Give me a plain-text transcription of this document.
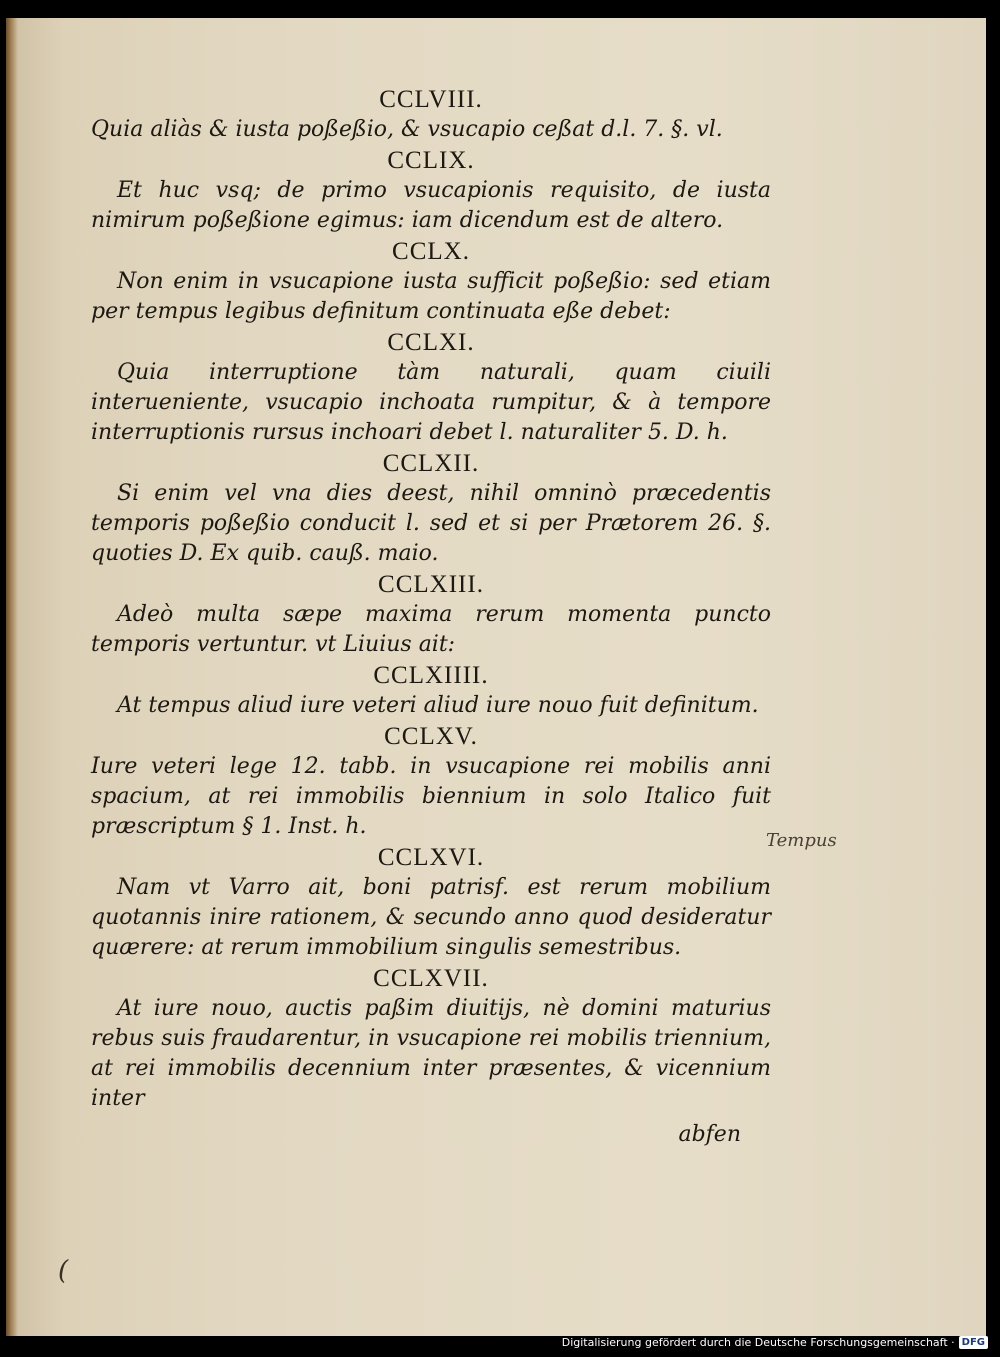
CCLVIII.

Quia aliàs & iusta poßeßio, & vsucapio ceßat d.l. 7. §. vl.

CCLIX.

Et huc vsq; de primo vsucapionis requisito, de iusta nimirum poßeßione egimus: iam dicendum est de altero.

CCLX.

Non enim in vsucapione iusta sufficit poßeßio: sed etiam per tempus legibus definitum continuata eße debet:

CCLXI.

Quia interruptione tàm naturali, quam ciuili interueniente, vsucapio inchoata rumpitur, & à tempore interruptionis rursus inchoari debet l. naturaliter 5. D. h.

CCLXII.

Si enim vel vna dies deest, nihil omninò præcedentis temporis poßeßio conducit l. sed et si per Prætorem 26. §. quoties D. Ex quib. cauß. maio.

CCLXIII.

Adeò multa sæpe maxima rerum momenta puncto temporis vertuntur. vt Liuius ait:

CCLXIIII.

At tempus aliud iure veteri aliud iure nouo fuit definitum.

CCLXV.

Iure veteri lege 12. tabb. in vsucapione rei mobilis anni spacium, at rei immobilis biennium in solo Italico fuit præscriptum § 1. Inst. h.

CCLXVI.

Nam vt Varro ait, boni patrisf. est rerum mobilium quotannis inire rationem, & secundo anno quod desideratur quærere: at rerum immobilium singulis semestribus.

CCLXVII.

At iure nouo, auctis paßim diuitijs, nè domini maturius rebus suis fraudarentur, in vsucapione rei mobilis triennium, at rei immobilis decennium inter præsentes, & vicennium inter

abfen

Tempus
(
Digitalisierung gefördert durch die Deutsche Forschungsgemeinschaft · DFG
